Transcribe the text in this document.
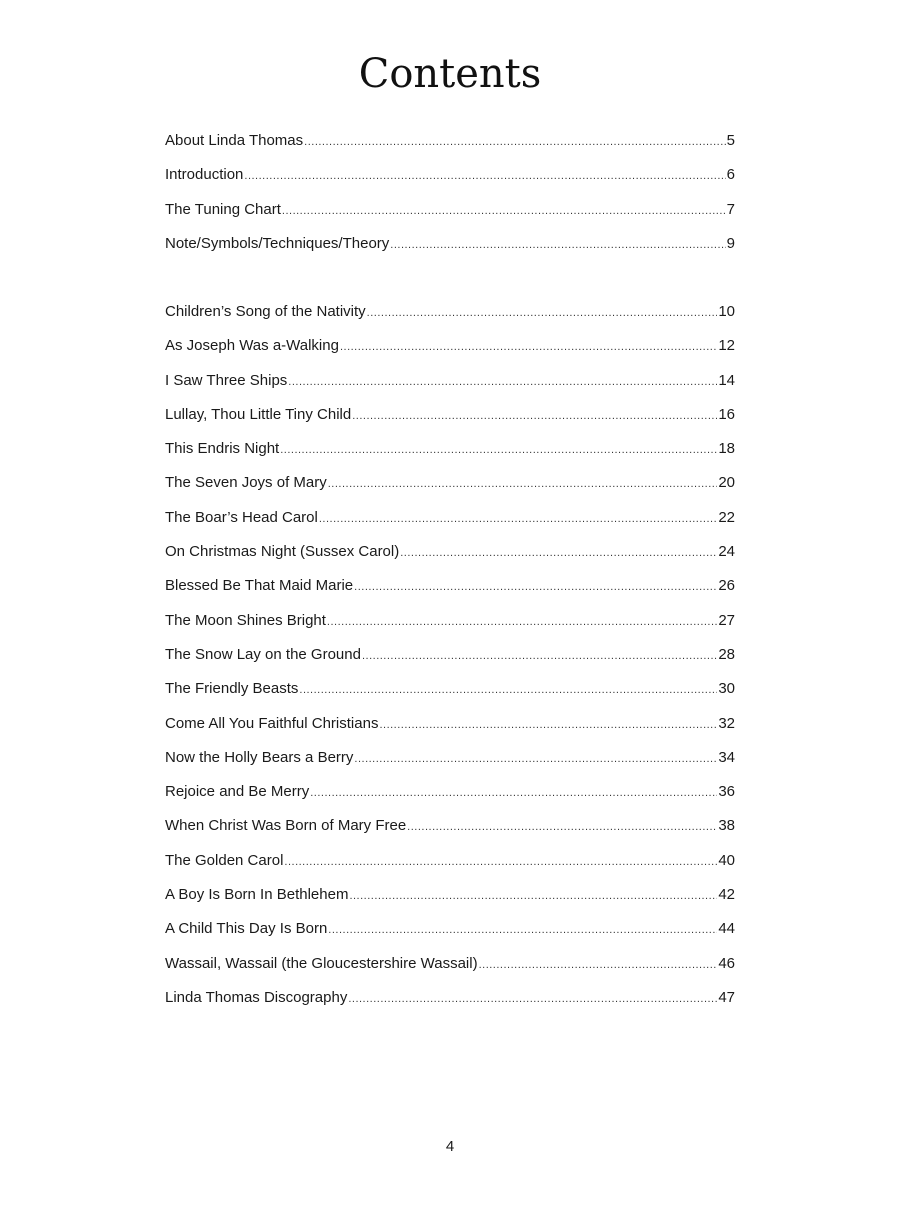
Contents
About Linda Thomas .....	5
Introduction .....	6
The Tuning Chart .....	7
Note/Symbols/Techniques/Theory .....	9
Children’s Song of the Nativity .....	10
As Joseph Was a-Walking .....	12
I Saw Three Ships .....	14
Lullay, Thou Little Tiny Child .....	16
This Endris Night .....	18
The Seven Joys of Mary .....	20
The Boar’s Head Carol .....	22
On Christmas Night (Sussex Carol) .....	24
Blessed Be That Maid Marie .....	26
The Moon Shines Bright .....	27
The Snow Lay on the Ground .....	28
The Friendly Beasts .....	30
Come All You Faithful Christians .....	32
Now the Holly Bears a Berry .....	34
Rejoice and Be Merry .....	36
When Christ Was Born of Mary Free .....	38
The Golden Carol .....	40
A Boy Is Born In Bethlehem .....	42
A Child This Day Is Born .....	44
Wassail, Wassail (the Gloucestershire Wassail) .....	46
Linda Thomas Discography .....	47
4
